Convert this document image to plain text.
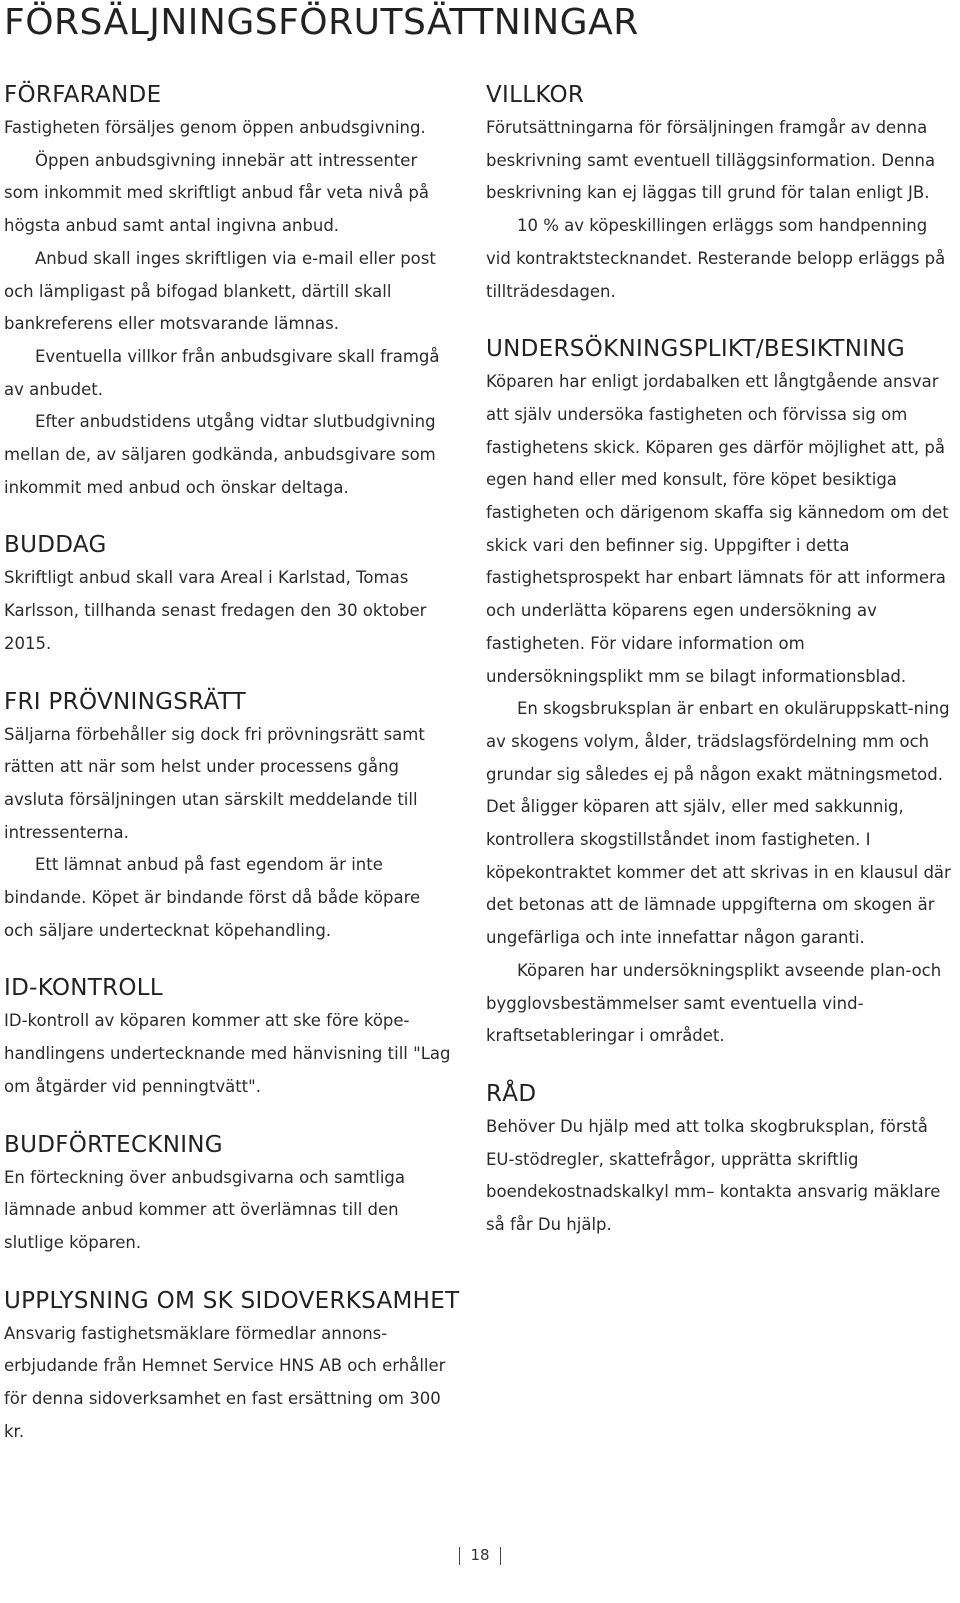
FÖRSÄLJNINGSFÖRUTSÄTTNINGAR
FÖRFARANDE

Fastigheten försäljes genom öppen anbudsgivning.

Öppen anbudsgivning innebär att intressenter som inkommit med skriftligt anbud får veta nivå på högsta anbud samt antal ingivna anbud.

Anbud skall inges skriftligen via e-mail eller post och lämpligast på bifogad blankett, därtill skall bankreferens eller motsvarande lämnas.

Eventuella villkor från anbudsgivare skall framgå av anbudet.

Efter anbudstidens utgång vidtar slutbudgivning mellan de, av säljaren godkända, anbudsgivare som inkommit med anbud och önskar deltaga.

BUDDAG

Skriftligt anbud skall vara Areal i Karlstad, Tomas Karlsson, tillhanda senast fredagen den 30 oktober 2015.

FRI PRÖVNINGSRÄTT

Säljarna förbehåller sig dock fri prövningsrätt samt rätten att när som helst under processens gång avsluta försäljningen utan särskilt meddelande till intressenterna.

Ett lämnat anbud på fast egendom är inte bindande. Köpet är bindande först då både köpare och säljare undertecknat köpehandling.

ID-KONTROLL

ID-kontroll av köparen kommer att ske före köpe-handlingens undertecknande med hänvisning till "Lag om åtgärder vid penningtvätt".

BUDFÖRTECKNING

En förteckning över anbudsgivarna och samtliga lämnade anbud kommer att överlämnas till den slutlige köparen.

UPPLYSNING OM SK SIDOVERKSAMHET

Ansvarig fastighetsmäklare förmedlar annons-erbjudande från Hemnet Service HNS AB och erhåller för denna sidoverksamhet en fast ersättning om 300 kr.

VILLKOR

Förutsättningarna för försäljningen framgår av denna beskrivning samt eventuell tilläggsinformation. Denna beskrivning kan ej läggas till grund för talan enligt JB.

10 % av köpeskillingen erläggs som handpenning vid kontraktstecknandet. Resterande belopp erläggs på tillträdesdagen.

UNDERSÖKNINGSPLIKT/BESIKTNING

Köparen har enligt jordabalken ett långtgående ansvar att själv undersöka fastigheten och förvissa sig om fastighetens skick. Köparen ges därför möjlighet att, på egen hand eller med konsult, före köpet besiktiga fastigheten och därigenom skaffa sig kännedom om det skick vari den befinner sig. Uppgifter i detta fastighetsprospekt har enbart lämnats för att informera och underlätta köparens egen undersökning av fastigheten. För vidare information om undersökningsplikt mm se bilagt informationsblad.

En skogsbruksplan är enbart en okuläruppskatt-ning av skogens volym, ålder, trädslagsfördelning mm och grundar sig således ej på någon exakt mätningsmetod. Det åligger köparen att själv, eller med sakkunnig, kontrollera skogstillståndet inom fastigheten. I köpekontraktet kommer det att skrivas in en klausul där det betonas att de lämnade uppgifterna om skogen är ungefärliga och inte innefattar någon garanti.

Köparen har undersökningsplikt avseende plan-och bygglovsbestämmelser samt eventuella vind-kraftsetableringar i området.

RÅD

Behöver Du hjälp med att tolka skogbruksplan, förstå EU-stödregler, skattefrågor, upprätta skriftlig boendekostnadskalkyl mm– kontakta ansvarig mäklare så får Du hjälp.

18
